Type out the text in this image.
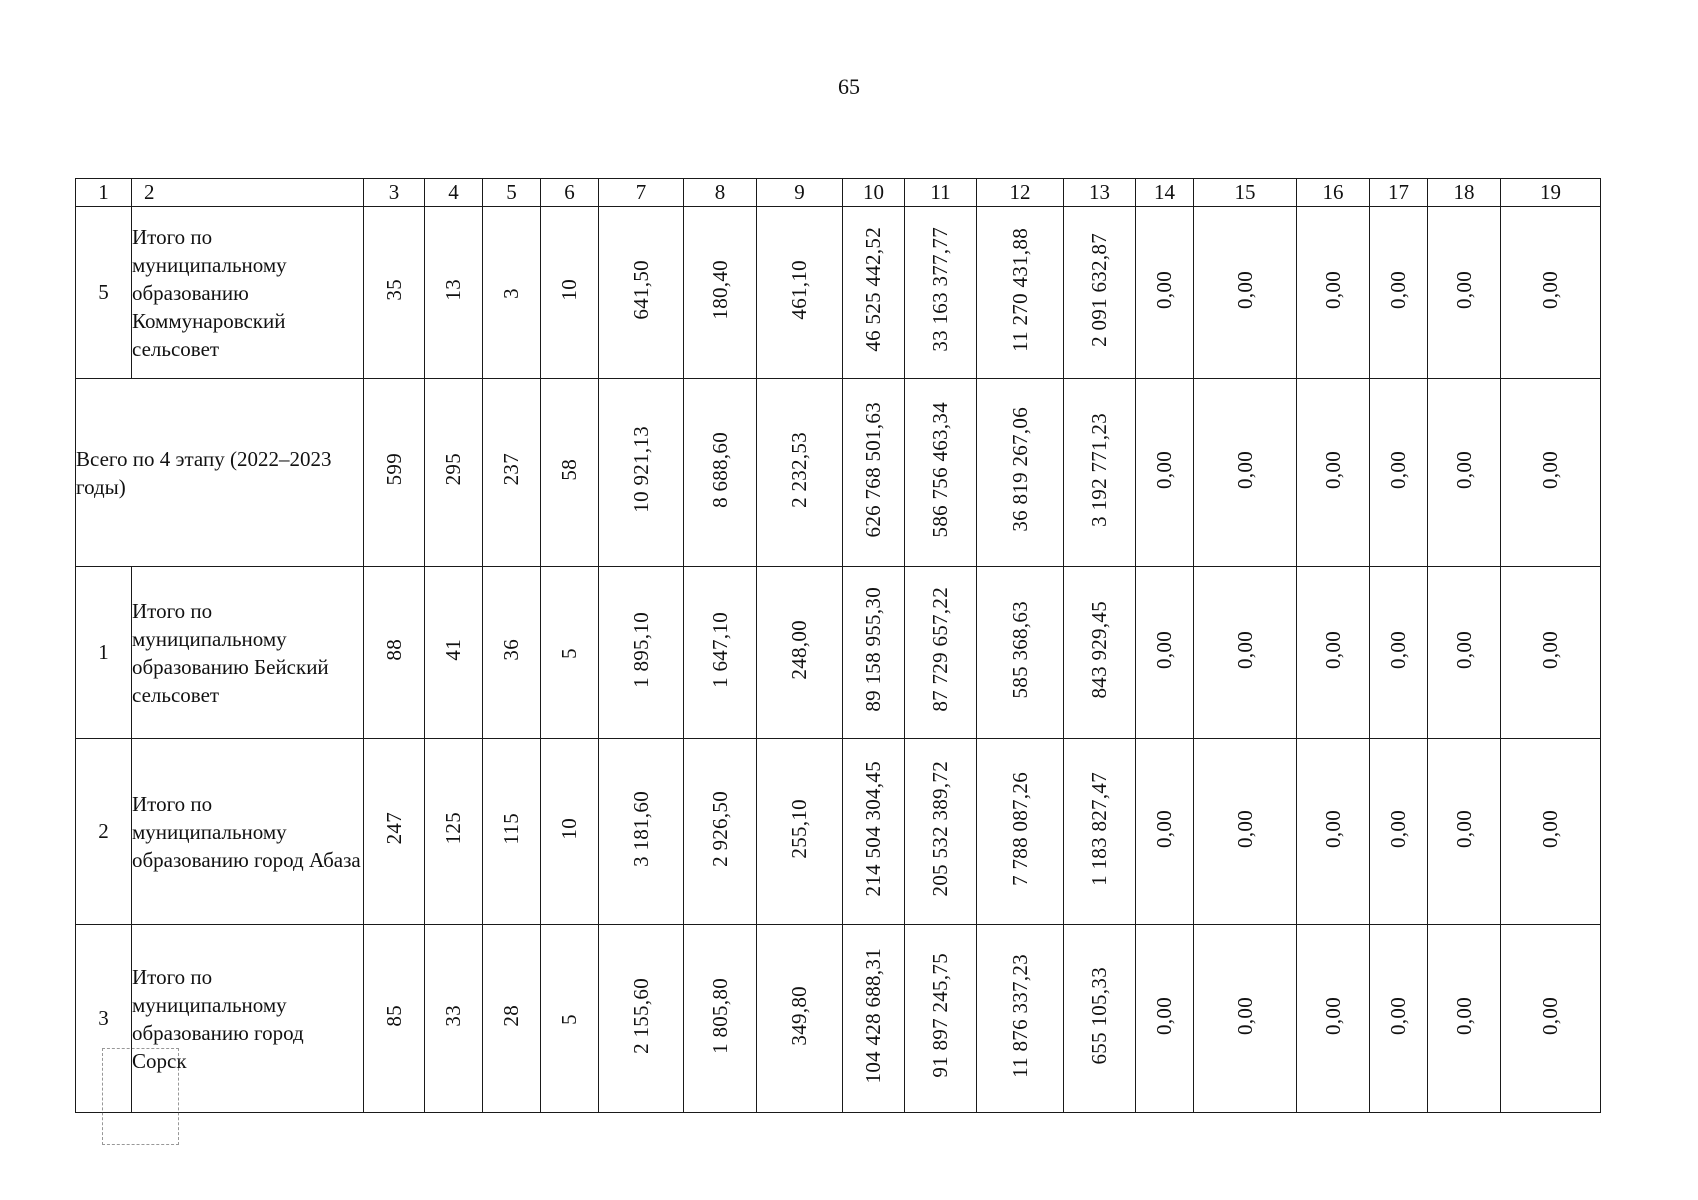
65
1	2	3	4	5	6	7	8	9	10	11	12	13	14	15	16	17	18	19
5	Итого по муниципальному образованию Коммунаровский сельсовет	35	13	3	10	641,50	180,40	461,10	46 525 442,52	33 163 377,77	11 270 431,88	2 091 632,87	0,00	0,00	0,00	0,00	0,00	0,00
Всего по 4 этапу (2022–2023 годы)		599	295	237	58	10 921,13	8 688,60	2 232,53	626 768 501,63	586 756 463,34	36 819 267,06	3 192 771,23	0,00	0,00	0,00	0,00	0,00	0,00
1	Итого по муниципальному образованию Бейский сельсовет	88	41	36	5	1 895,10	1 647,10	248,00	89 158 955,30	87 729 657,22	585 368,63	843 929,45	0,00	0,00	0,00	0,00	0,00	0,00
2	Итого по муниципальному образованию город Абаза	247	125	115	10	3 181,60	2 926,50	255,10	214 504 304,45	205 532 389,72	7 788 087,26	1 183 827,47	0,00	0,00	0,00	0,00	0,00	0,00
3	Итого по муниципальному образованию город Сорск	85	33	28	5	2 155,60	1 805,80	349,80	104 428 688,31	91 897 245,75	11 876 337,23	655 105,33	0,00	0,00	0,00	0,00	0,00	0,00
